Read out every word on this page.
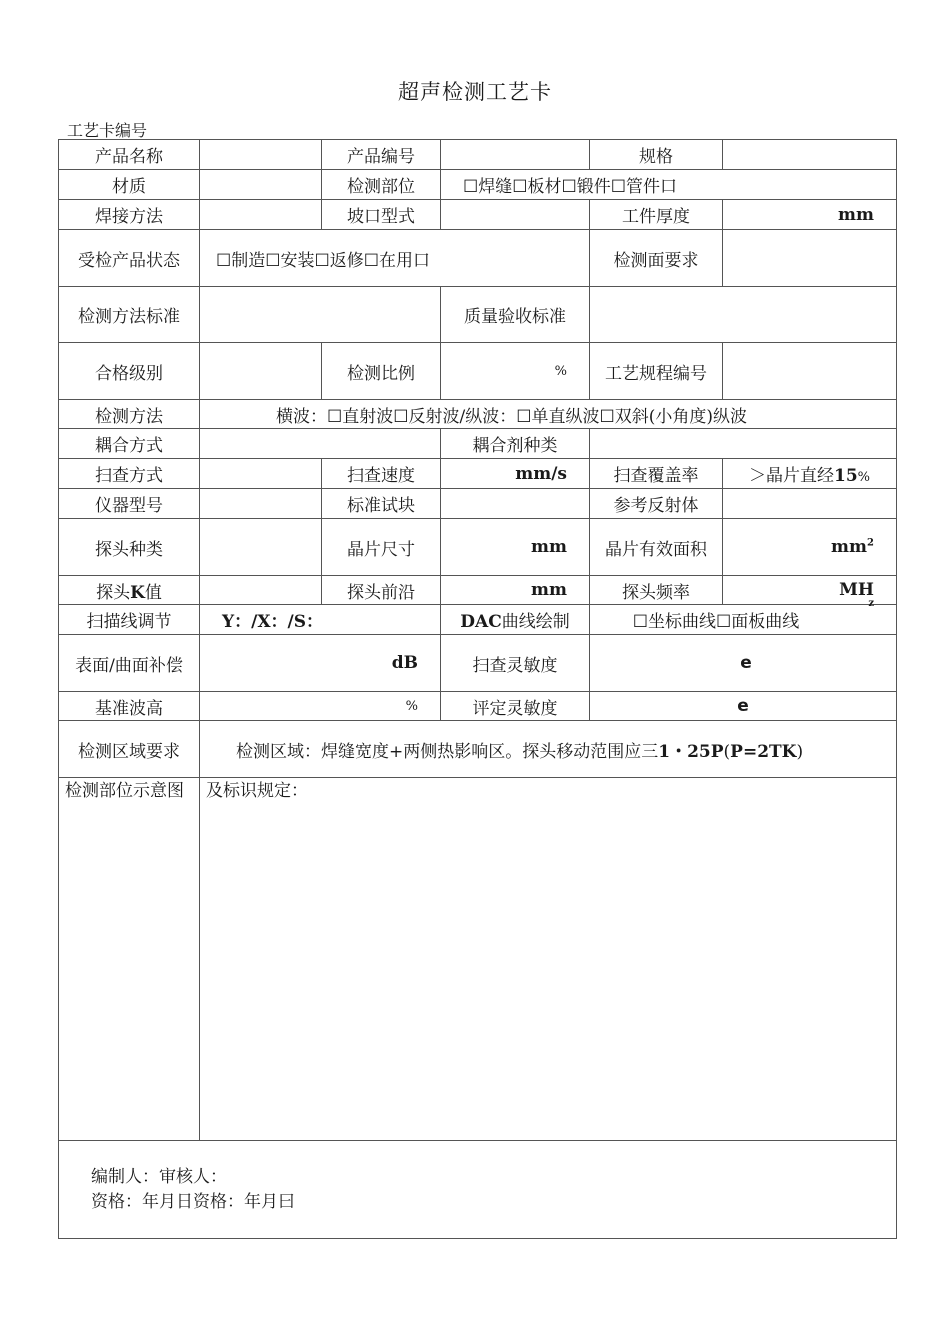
超声检测工艺卡
工艺卡编号
产品名称		产品编号		规格	
材质		检测部位	☐焊缝☐板材☐锻件☐管件口		
焊接方法		坡口型式		工件厚度	mm
受检产品状态	☐制造☐安装☐返修☐在用口			检测面要求	
检测方法标准			质量验收标准		
合格级别		检测比例	%	工艺规程编号	
检测方法	横波：☐直射波☐反射波/纵波：☐单直纵波☐双斜(小角度)纵波				
耦合方式			耦合剂种类		
扫查方式		扫查速度	mm/s	扫查覆盖率	＞晶片直经15%
仪器型号		标准试块		参考反射体	
探头种类		晶片尺寸	mm	晶片有效面积	$mm^2$
探头K值		探头前沿	mm	探头频率	MH
z

扫描线调节	Y：/X：/S：		DAC曲线绘制	☐坐标曲线☐面板曲线	
表面/曲面补偿	dB		扫查灵敏度	e	
基准波高	%		评定灵敏度	e	
检测区域要求	检测区域：焊缝宽度+两侧热影响区。探头移动范围应三1・25P(P=2TK)				
检测部位示意图	及标识规定：				

编制人：审核人：
资格：年月日资格：年月曰					
